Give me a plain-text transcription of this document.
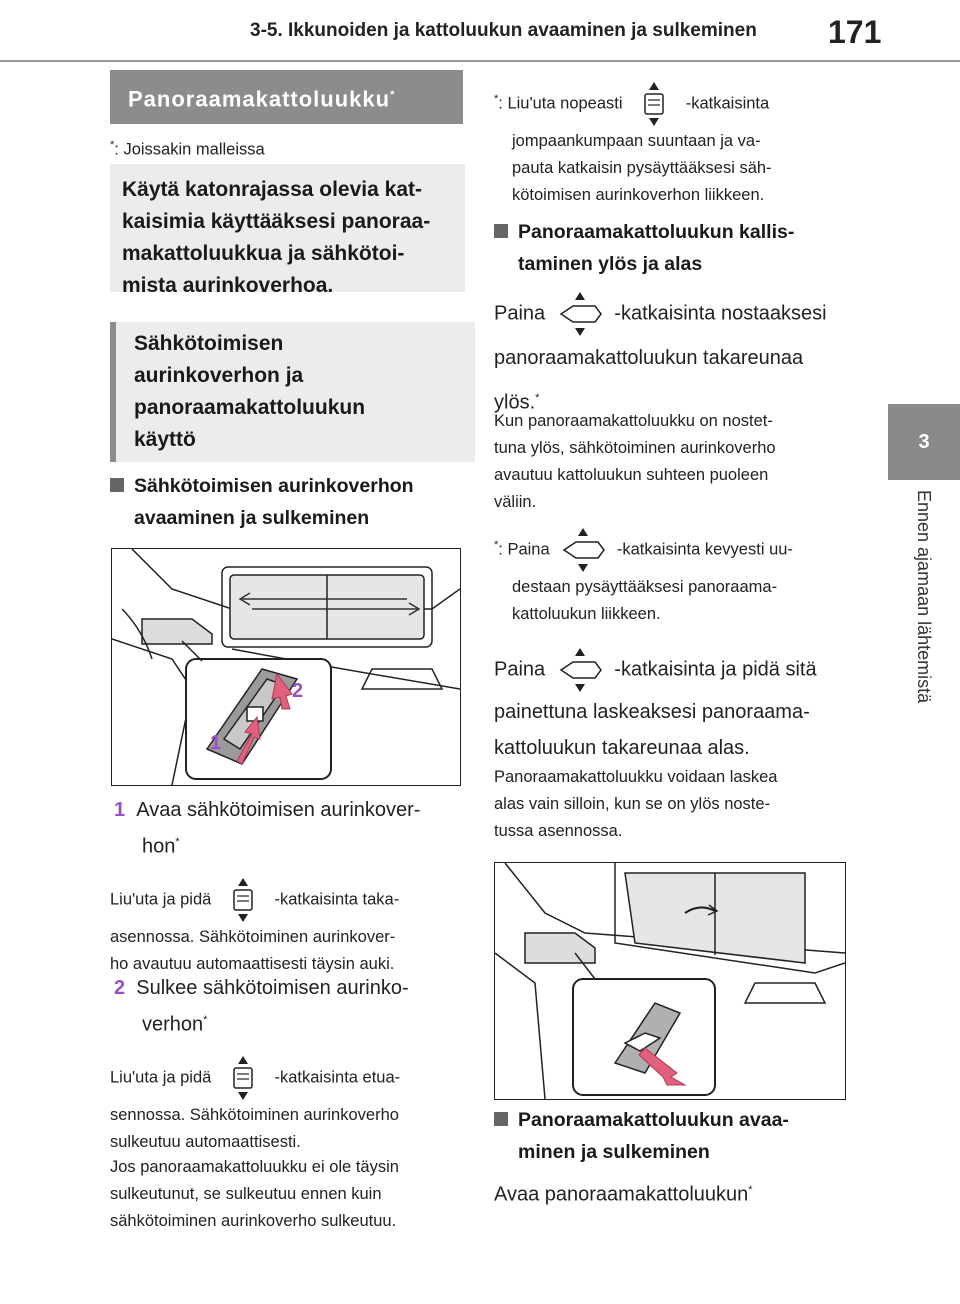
3-5. Ikkunoiden ja kattoluukun avaaminen ja sulkeminen 171
3
Ennen ajamaan lähtemistä
Panoraamakattoluukku*
*: Joissakin malleissa
Käytä katonrajassa olevia kat-
kaisimia käyttääksesi panoraa-
makattoluukkua ja sähkötoi-
mista aurinkoverhoa.
Sähkötoimisen
aurinkoverhon ja
panoraamakattoluukun
käyttö
Sähkötoimisen aurinkoverhon
avaaminen ja sulkeminen
1
2
1 Avaa sähkötoimisen aurinkover-
hon*
Liu'uta ja pidä	-katkaisinta taka-
asennossa. Sähkötoiminen aurinkover-
ho avautuu automaattisesti täysin auki.
2 Sulkee sähkötoimisen aurinko-
verhon*
Liu'uta ja pidä	-katkaisinta etua-
sennossa. Sähkötoiminen aurinkoverho
sulkeutuu automaattisesti.
Jos panoraamakattoluukku ei ole täysin
sulkeutunut, se sulkeutuu ennen kuin
sähkötoiminen aurinkoverho sulkeutuu.
*: Liu'uta nopeasti	-katkaisinta
jompaankumpaan suuntaan ja va-
pauta katkaisin pysäyttääksesi säh-
kötoimisen aurinkoverhon liikkeen.
Panoraamakattoluukun kallis-
taminen ylös ja alas
Paina	-katkaisinta nostaaksesi
panoraamakattoluukun takareunaa
ylös.*
Kun panoraamakattoluukku on nostet-
tuna ylös, sähkötoiminen aurinkoverho
avautuu kattoluukun suhteen puoleen
väliin.
*: Paina	-katkaisinta kevyesti uu-
destaan pysäyttääksesi panoraama-
kattoluukun liikkeen.
Paina	-katkaisinta ja pidä sitä
painettuna laskeaksesi panoraama-
kattoluukun takareunaa alas.
Panoraamakattoluukku voidaan laskea
alas vain silloin, kun se on ylös noste-
tussa asennossa.
Panoraamakattoluukun avaa-
minen ja sulkeminen
Avaa panoraamakattoluukun*
